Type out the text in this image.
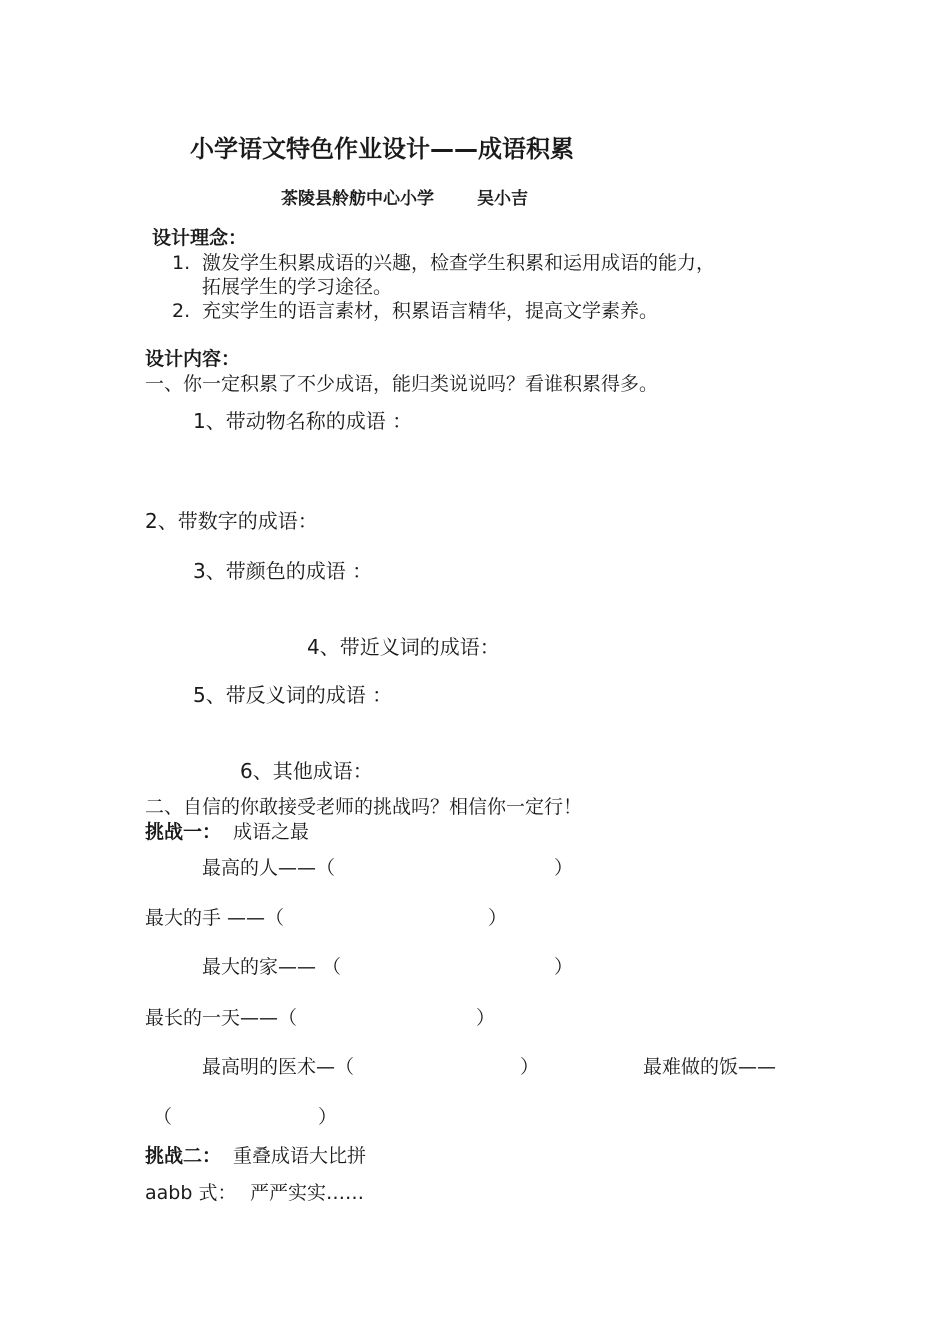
小学语文特色作业设计——成语积累
茶陵县舲舫中心小学	吴小吉
设计理念：
1. 激发学生积累成语的兴趣，检查学生积累和运用成语的能力，
拓展学生的学习途径。
2. 充实学生的语言素材，积累语言精华，提高文学素养。
设计内容：
一、你一定积累了不少成语，能归类说说吗？看谁积累得多。
1、带动物名称的成语 ：
2、带数字的成语：
3、带颜色的成语 ：
4、带近义词的成语：
5、带反义词的成语 ：
6、其他成语：
二、自信的你敢接受老师的挑战吗？相信你一定行！
挑战一： 成语之最
最高的人——（	）
最大的手 ——（	）
最大的家—— （	）
最长的一天——（	）
最高明的医术—（	）	最难做的饭——
（	）
挑战二： 重叠成语大比拼
aabb 式： 严严实实……
